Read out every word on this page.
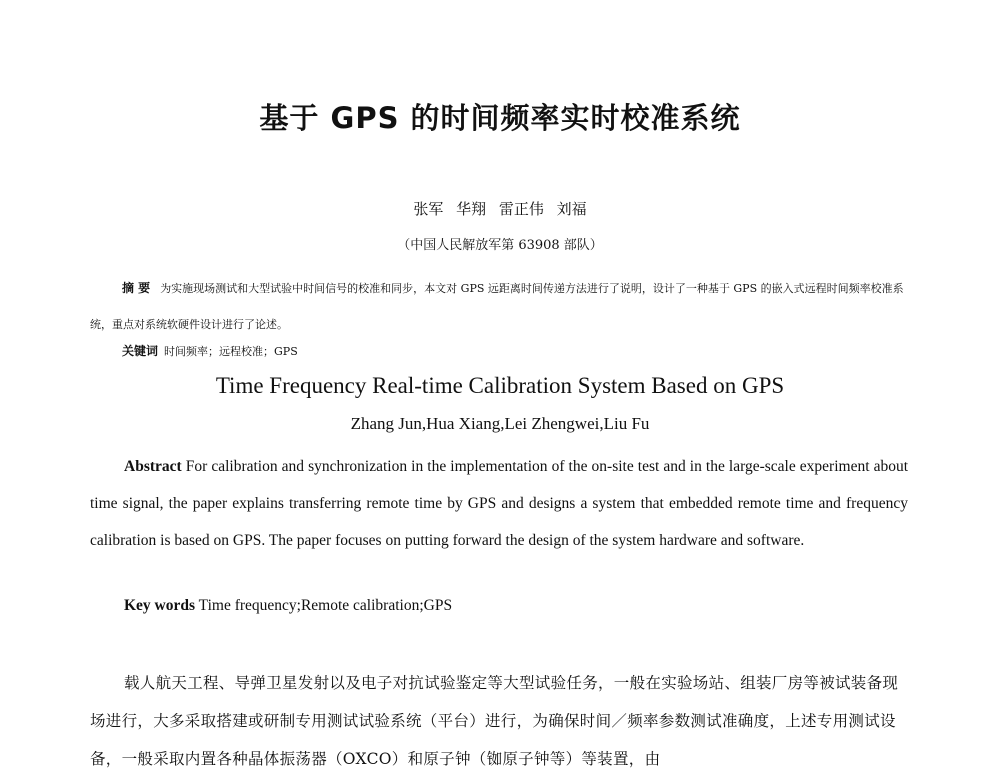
基于 GPS 的时间频率实时校准系统
张军 华翔 雷正伟 刘福
（中国人民解放军第 63908 部队）

摘 要 为实施现场测试和大型试验中时间信号的校准和同步，本文对 GPS 远距离时间传递方法进行了说明，设计了一种基于 GPS 的嵌入式远程时间频率校准系统，重点对系统软硬件设计进行了论述。

关键词 时间频率；远程校准；GPS
Time Frequency Real-time Calibration System Based on GPS
Zhang Jun,Hua Xiang,Lei Zhengwei,Liu Fu

Abstract For calibration and synchronization in the implementation of the on-site test and in the large-scale experiment about time signal, the paper explains transferring remote time by GPS and designs a system that embedded remote time and frequency calibration is based on GPS. The paper focuses on putting forward the design of the system hardware and software.

Key words Time frequency;Remote calibration;GPS

载人航天工程、导弹卫星发射以及电子对抗试验鉴定等大型试验任务，一般在实验场站、组装厂房等被试装备现场进行，大多采取搭建或研制专用测试试验系统（平台）进行，为确保时间／频率参数测试准确度，上述专用测试设备，一般采取内置各种晶体振荡器（OXCO）和原子钟（铷原子钟等）等装置，由
